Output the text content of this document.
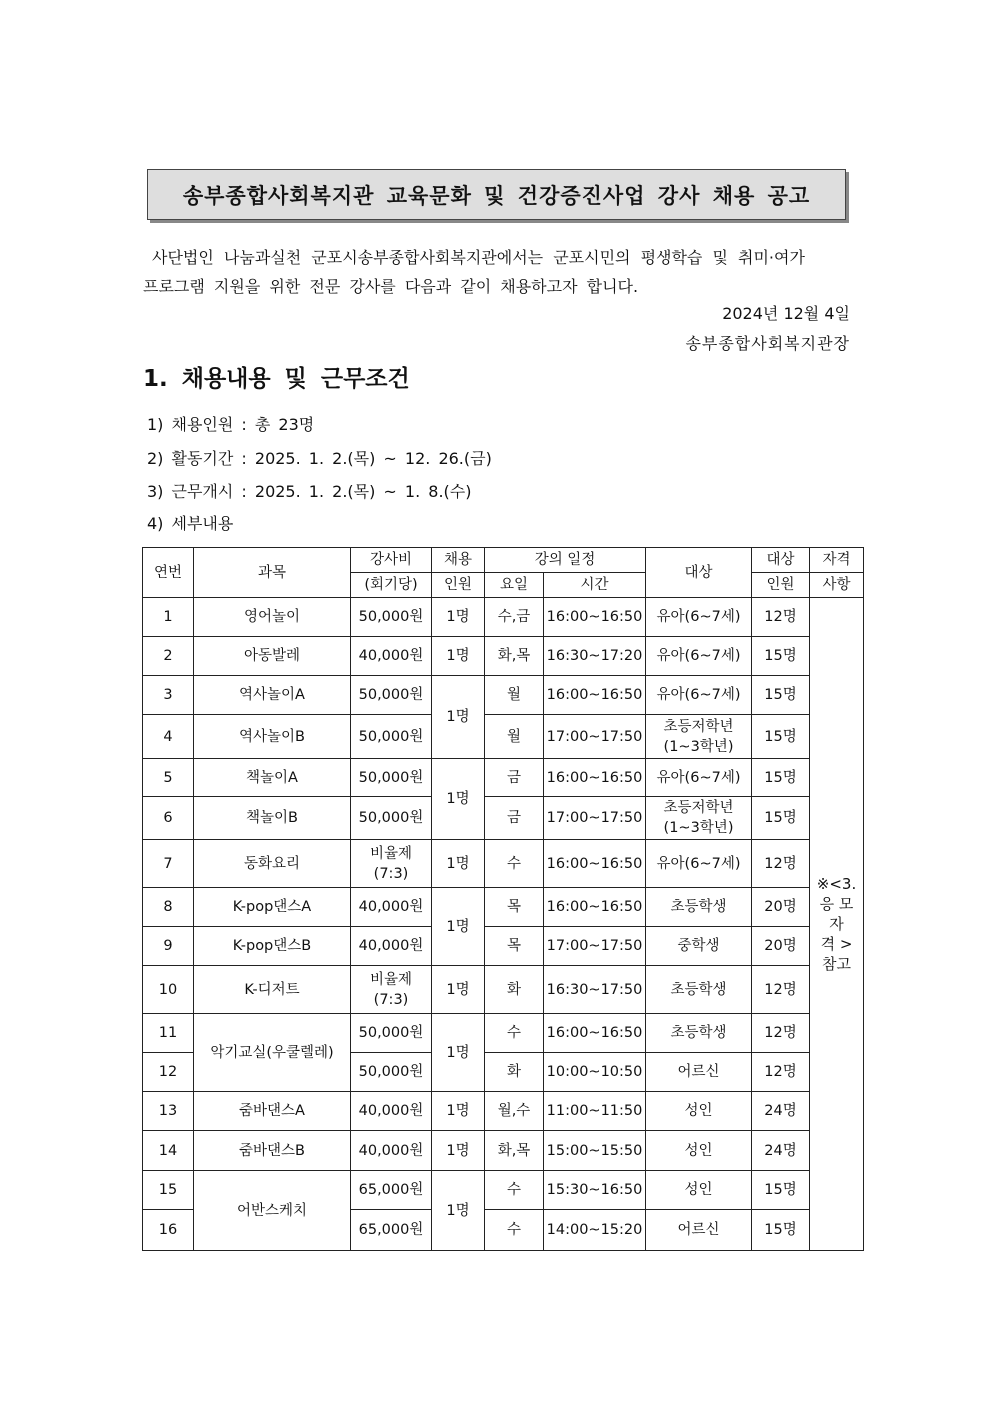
송부종합사회복지관 교육문화 및 건강증진사업 강사 채용 공고

사단법인 나눔과실천 군포시송부종합사회복지관에서는 군포시민의 평생학습 및 취미·여가

프로그램 지원을 위한 전문 강사를 다음과 같이 채용하고자 합니다.

2024년 12월 4일
송부종합사회복지관장
1. 채용내용 및 근무조건
1) 채용인원 : 총 23명
2) 활동기간 : 2025. 1. 2.(목) ~ 12. 26.(금)
3) 근무개시 : 2025. 1. 2.(목) ~ 1. 8.(수)
4) 세부내용
연번	과목	강사비	채용	강의 일정		대상	대상	자격
		(회기당)	인원	요일	시간		인원	사항
1	영어놀이	50,000원	1명	수,금	16:00~16:50	유아(6~7세)	12명	※<3.
응 모
자
격 >
참고

2	아동발레	40,000원	1명	화,목	16:30~17:20	유아(6~7세)	15명	
3	역사놀이A	50,000원	1명	월	16:00~16:50	유아(6~7세)	15명	
4	역사놀이B	50,000원		월	17:00~17:50	초등저학년
(1~3학년)	15명	
5	책놀이A	50,000원	1명	금	16:00~16:50	유아(6~7세)	15명	
6	책놀이B	50,000원		금	17:00~17:50	초등저학년
(1~3학년)	15명	
7	동화요리	비율제
(7:3)	1명	수	16:00~16:50	유아(6~7세)	12명	
8	K-pop댄스A	40,000원	1명	목	16:00~16:50	초등학생	20명	
9	K-pop댄스B	40,000원		목	17:00~17:50	중학생	20명	
10	K-디저트	비율제
(7:3)	1명	화	16:30~17:50	초등학생	12명	
11	악기교실(우쿨렐레)	50,000원	1명	수	16:00~16:50	초등학생	12명	
12		50,000원		화	10:00~10:50	어르신	12명	
13	줌바댄스A	40,000원	1명	월,수	11:00~11:50	성인	24명	
14	줌바댄스B	40,000원	1명	화,목	15:00~15:50	성인	24명	
15	어반스케치	65,000원	1명	수	15:30~16:50	성인	15명	
16		65,000원		수	14:00~15:20	어르신	15명	
